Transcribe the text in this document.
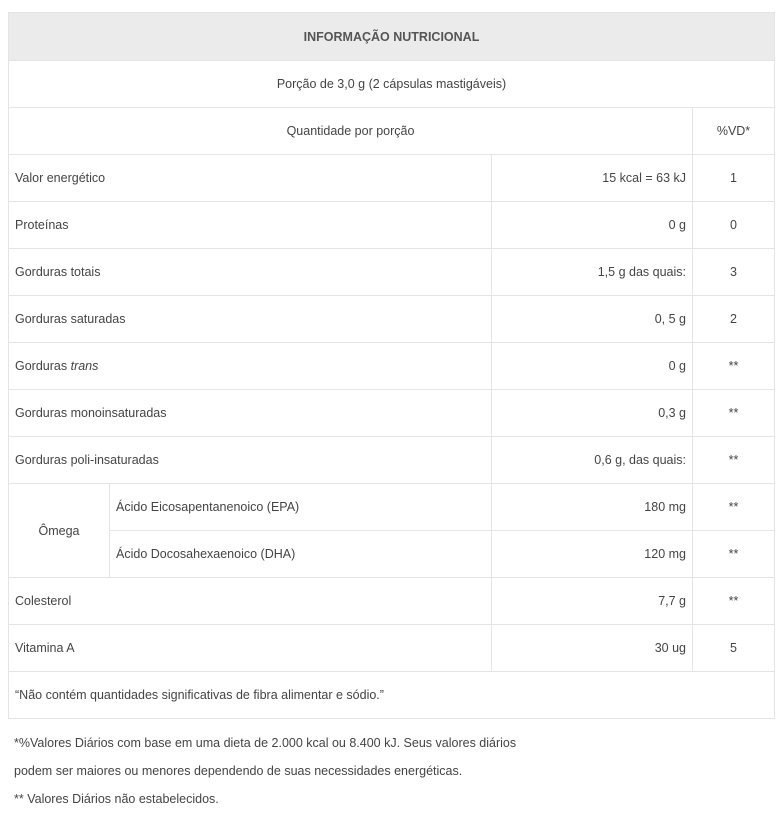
INFORMAÇÃO NUTRICIONAL			
Porção de 3,0 g (2 cápsulas mastigáveis)			
Quantidade por porção			%VD*
Valor energético		15 kcal = 63 kJ	1
Proteínas		0 g	0
Gorduras totais		1,5 g das quais:	3
Gorduras saturadas		0, 5 g	2
Gorduras trans		0 g	**
Gorduras monoinsaturadas		0,3 g	**
Gorduras poli-insaturadas		0,6 g, das quais:	**
Ômega	Ácido Eicosapentanenoico (EPA)	180 mg	**
	Ácido Docosahexaenoico (DHA)	120 mg	**
Colesterol		7,7 g	**
Vitamina A		30 ug	5
“Não contém quantidades significativas de fibra alimentar e sódio.”			
*%Valores Diários com base em uma dieta de 2.000 kcal ou 8.400 kJ. Seus valores diários
podem ser maiores ou menores dependendo de suas necessidades energéticas.
** Valores Diários não estabelecidos.
